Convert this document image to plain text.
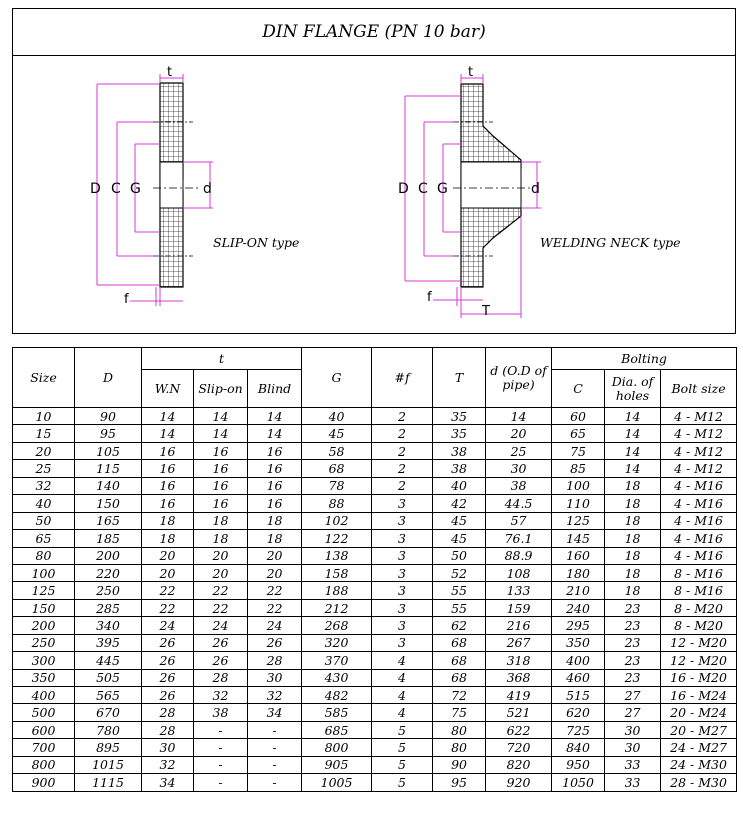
DIN FLANGE (PN 10 bar)
t
D C G	d
f
SLIP-ON type
t
D C G	d
f
T
WELDING NECK type
Size	D	t			G	#f	T	d (O.D of pipe)	Bolting		
		W.N	Slip-on	Blind					C	Dia. of holes	Bolt size
10	90	14	14	14	40	2	35	14	60	14	4 - M12
15	95	14	14	14	45	2	35	20	65	14	4 - M12
20	105	16	16	16	58	2	38	25	75	14	4 - M12
25	115	16	16	16	68	2	38	30	85	14	4 - M12
32	140	16	16	16	78	2	40	38	100	18	4 - M16
40	150	16	16	16	88	3	42	44.5	110	18	4 - M16
50	165	18	18	18	102	3	45	57	125	18	4 - M16
65	185	18	18	18	122	3	45	76.1	145	18	4 - M16
80	200	20	20	20	138	3	50	88.9	160	18	4 - M16
100	220	20	20	20	158	3	52	108	180	18	8 - M16
125	250	22	22	22	188	3	55	133	210	18	8 - M16
150	285	22	22	22	212	3	55	159	240	23	8 - M20
200	340	24	24	24	268	3	62	216	295	23	8 - M20
250	395	26	26	26	320	3	68	267	350	23	12 - M20
300	445	26	26	28	370	4	68	318	400	23	12 - M20
350	505	26	28	30	430	4	68	368	460	23	16 - M20
400	565	26	32	32	482	4	72	419	515	27	16 - M24
500	670	28	38	34	585	4	75	521	620	27	20 - M24
600	780	28	-	-	685	5	80	622	725	30	20 - M27
700	895	30	-	-	800	5	80	720	840	30	24 - M27
800	1015	32	-	-	905	5	90	820	950	33	24 - M30
900	1115	34	-	-	1005	5	95	920	1050	33	28 - M30
